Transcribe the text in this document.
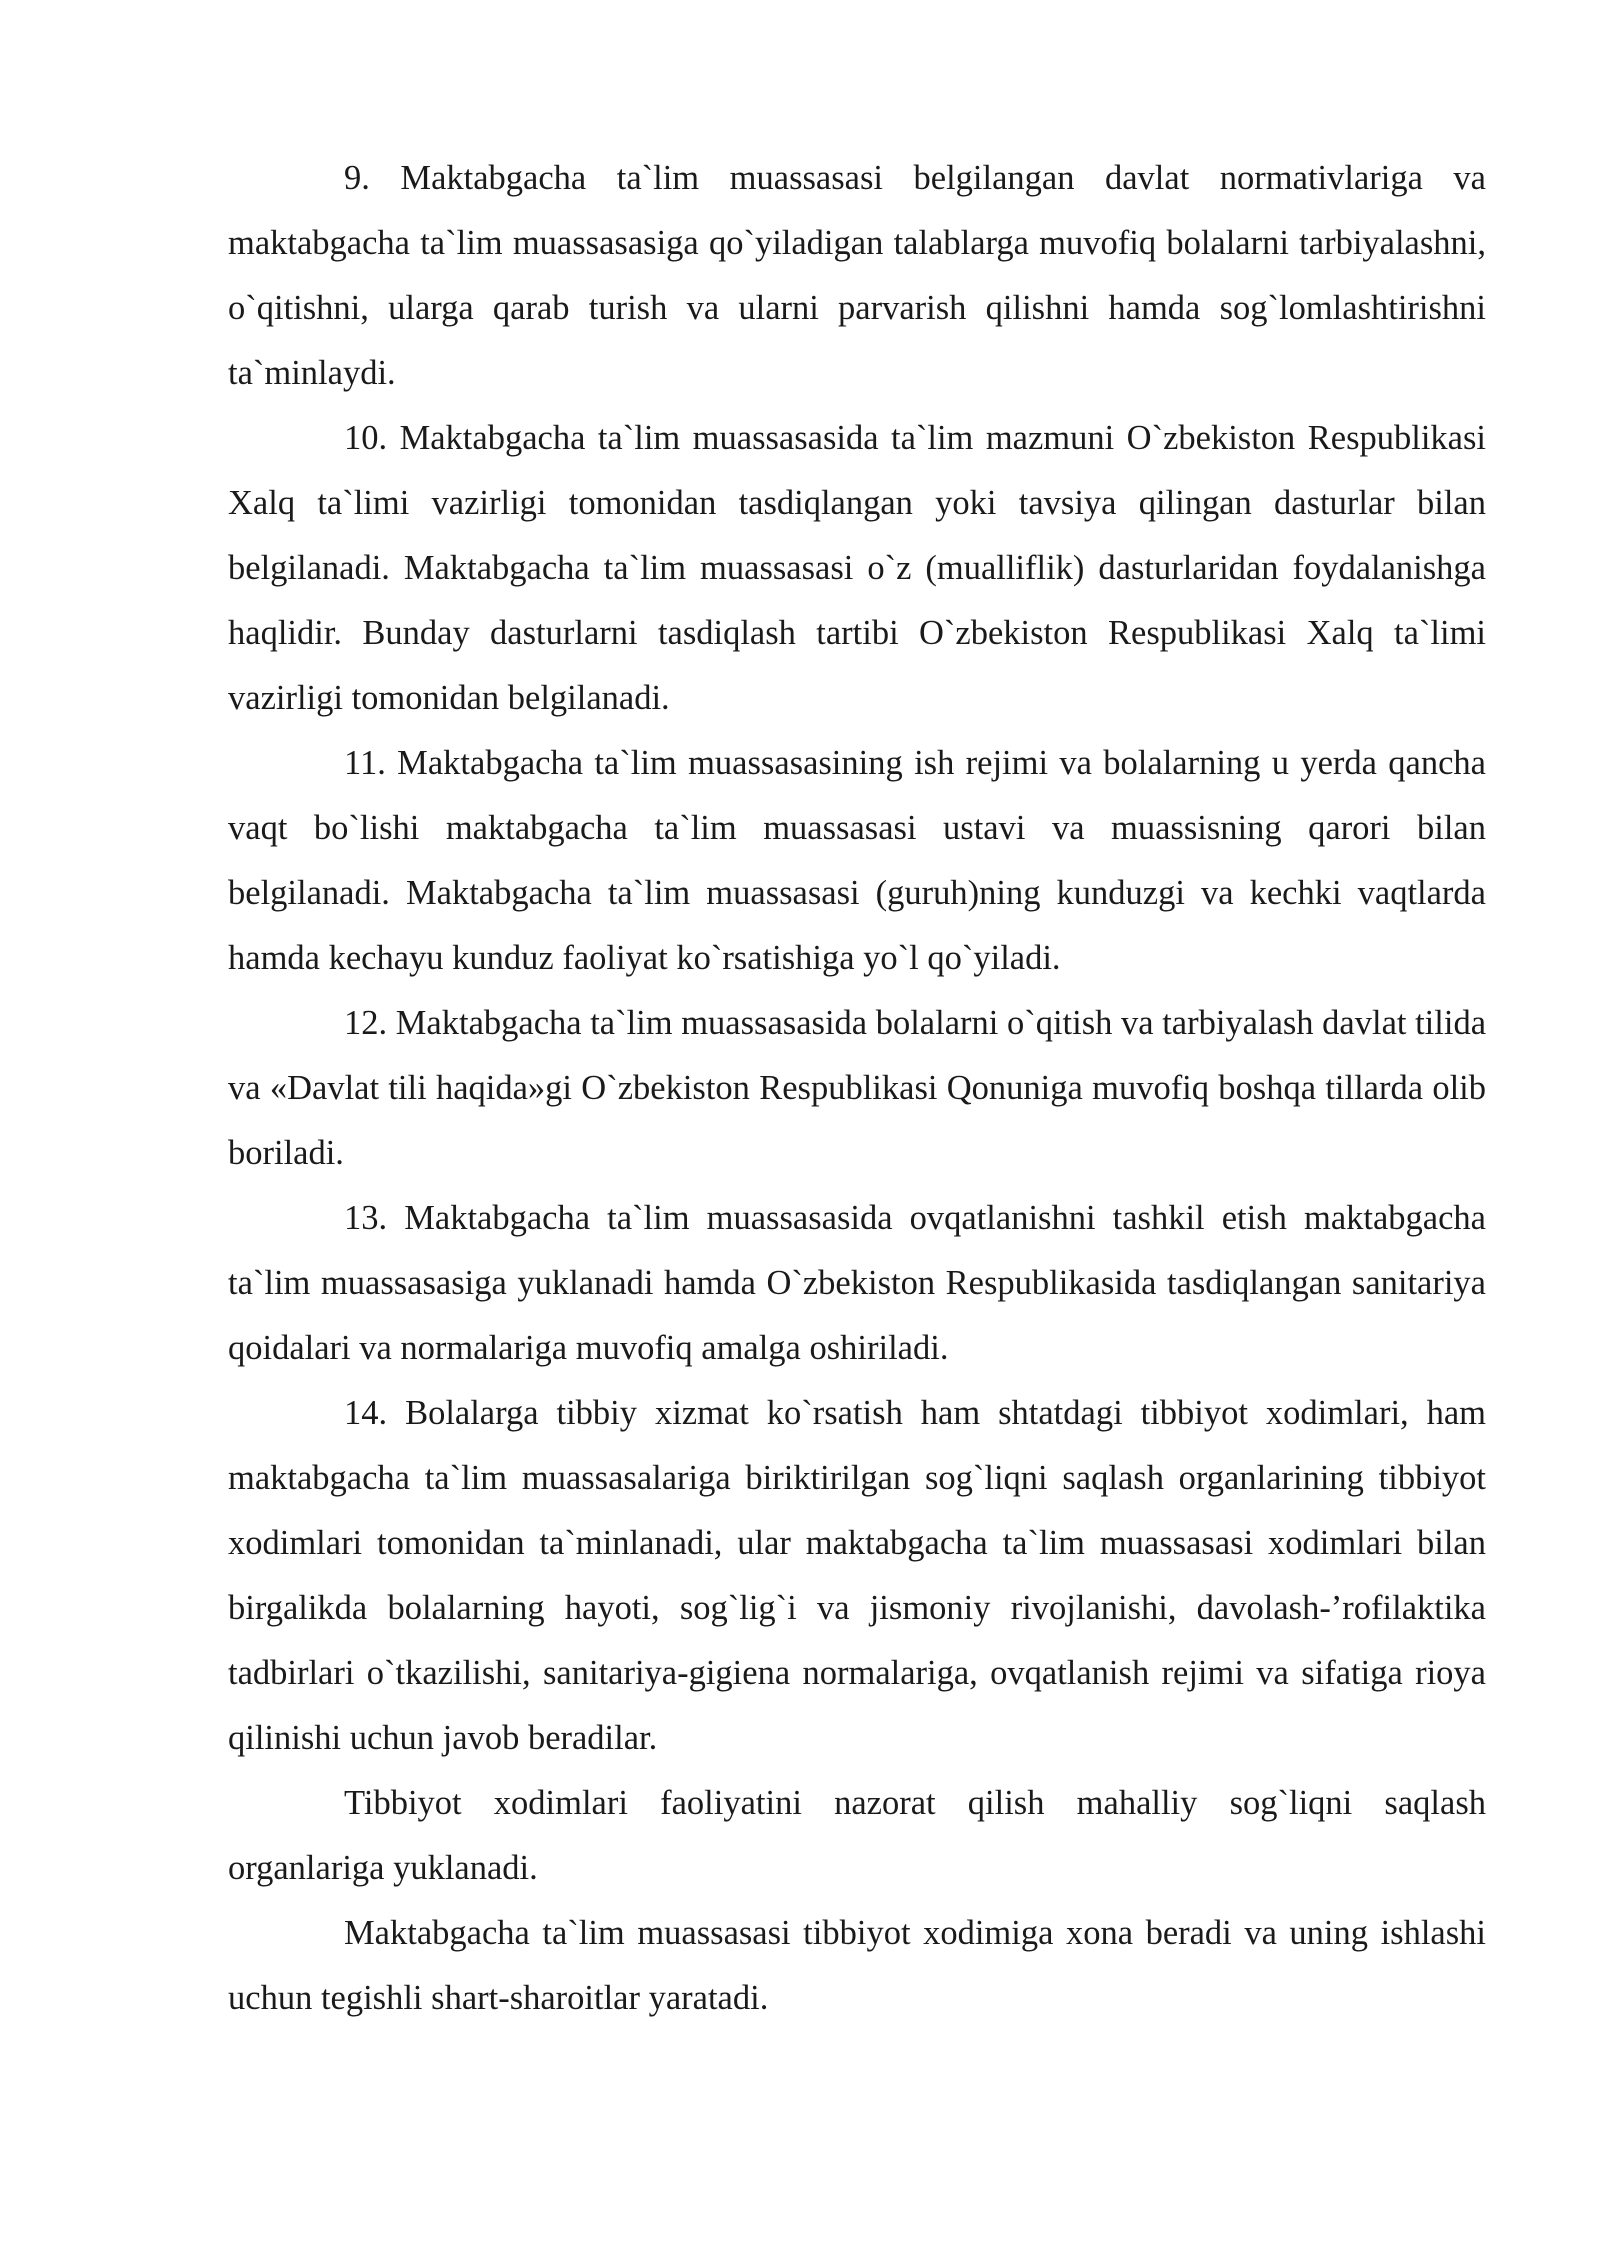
9. Maktabgacha ta`lim muassasasi belgilangan davlat normativlariga va maktabgacha ta`lim muassasasiga qo`yiladigan talablarga muvofiq bolalarni tarbiyalashni, o`qitishni, ularga qarab turish va ularni parvarish qilishni hamda sog`lomlashtirishni ta`minlaydi.

10. Maktabgacha ta`lim muassasasida ta`lim mazmuni O`zbekiston Respublikasi Xalq ta`limi vazirligi tomonidan tasdiqlangan yoki tavsiya qilingan dasturlar bilan belgilanadi. Maktabgacha ta`lim muassasasi o`z (mualliflik) dasturlaridan foydalanishga haqlidir. Bunday dasturlarni tasdiqlash tartibi O`zbekiston Respublikasi Xalq ta`limi vazirligi tomonidan belgilanadi.

11. Maktabgacha ta`lim muassasasining ish rejimi va bolalarning u yerda qancha vaqt bo`lishi maktabgacha ta`lim muassasasi ustavi va muassisning qarori bilan belgilanadi. Maktabgacha ta`lim muassasasi (guruh)ning kunduzgi va kechki vaqtlarda hamda kechayu kunduz faoliyat ko`rsatishiga yo`l qo`yiladi.

12. Maktabgacha ta`lim muassasasida bolalarni o`qitish va tarbiyalash davlat tilida va «Davlat tili haqida»gi O`zbekiston Respublikasi Qonuniga muvofiq boshqa tillarda olib boriladi.

13. Maktabgacha ta`lim muassasasida ovqatlanishni tashkil etish maktabgacha ta`lim muassasasiga yuklanadi hamda O`zbekiston Respublikasida tasdiqlangan sanitariya qoidalari va normalariga muvofiq amalga oshiriladi.

14. Bolalarga tibbiy xizmat ko`rsatish ham shtatdagi tibbiyot xodimlari, ham maktabgacha ta`lim muassasalariga biriktirilgan sog`liqni saqlash organlarining tibbiyot xodimlari tomonidan ta`minlanadi, ular maktabgacha ta`lim muassasasi xodimlari bilan birgalikda bolalarning hayoti, sog`lig`i va jismoniy rivojlanishi, davolash-’rofilaktika tadbirlari o`tkazilishi, sanitariya-gigiena normalariga, ovqatlanish rejimi va sifatiga rioya qilinishi uchun javob beradilar.

Tibbiyot xodimlari faoliyatini nazorat qilish mahalliy sog`liqni saqlash organlariga yuklanadi.

Maktabgacha ta`lim muassasasi tibbiyot xodimiga xona beradi va uning ishlashi uchun tegishli shart-sharoitlar yaratadi.
